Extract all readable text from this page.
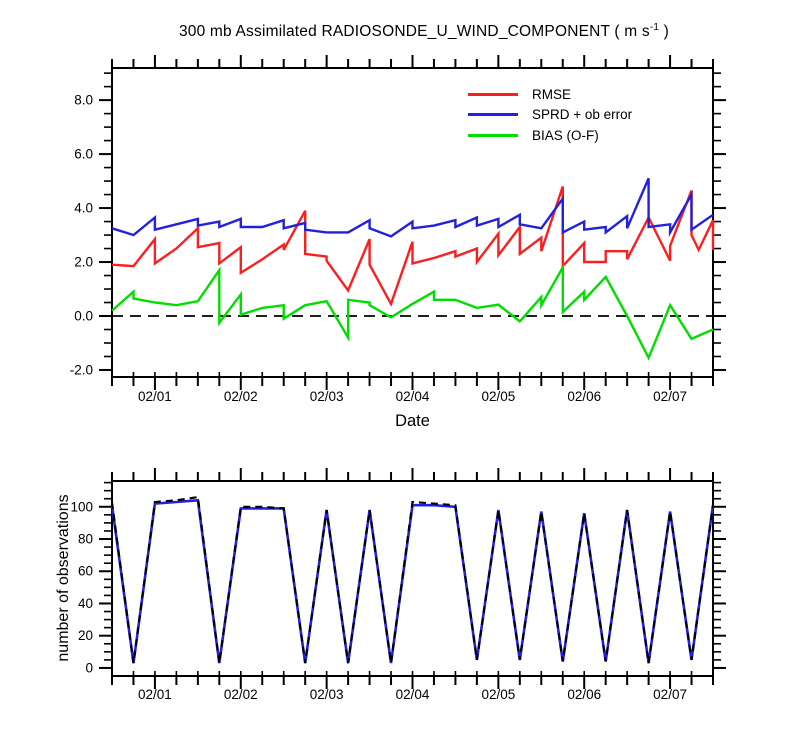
300 mb Assimilated RADIOSONDE_U_WIND_COMPONENT ( m $s^{-1}$ )
8.0
6.0
4.0
2.0
0.0
-2.0
02/01	02/02	02/03	02/04	02/05	02/06	02/07
100
80
60
40
20
0
02/01	02/02	02/03	02/04	02/05	02/06	02/07
RMSE
SPRD + ob error
BIAS (O-F)
Date
number of observations
